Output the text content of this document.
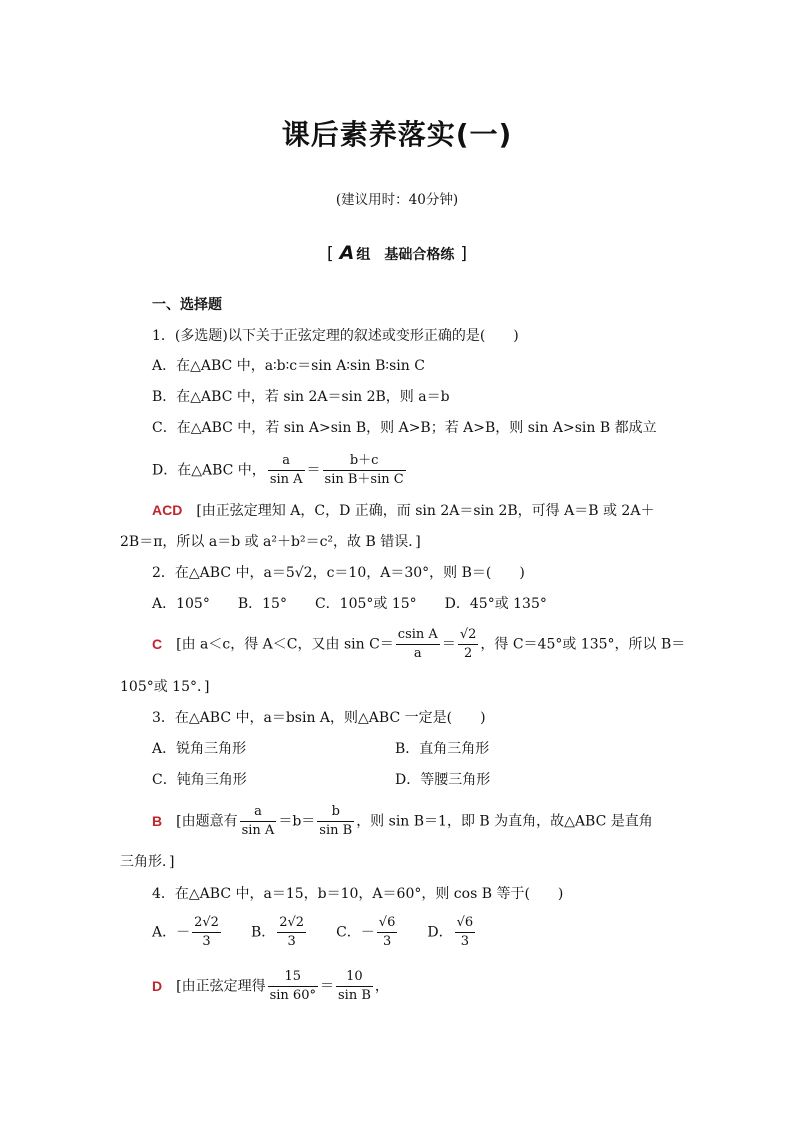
课后素养落实(一)
(建议用时：40分钟)
[ A 组　基础合格练 ]
一、选择题
1．(多选题)以下关于正弦定理的叙述或变形正确的是(　　)
A．在△ABC 中，a∶b∶c＝sin A∶sin B∶sin C
B．在△ABC 中，若 sin 2A＝sin 2B，则 a＝b
C．在△ABC 中，若 sin A>sin B，则 A>B；若 A>B，则 sin A>sin B 都成立
D．在△ABC 中， $\frac{a}{\text{sin A}} = \frac{b+c}{\text{sin B＋sin C}}$
ACD [由正弦定理知 A，C，D 正确，而 sin 2A＝sin 2B，可得 A＝B 或 2A＋
2B＝π，所以 a＝b 或 a²＋b²＝c²，故 B 错误．]
2．在△ABC 中，a＝5√2，c＝10，A＝30°，则 B＝(　　)
A．105° B．15° C．105°或 15° D．45°或 135°
C [由 a＜c，得 A＜C，又由 $\sin C= \frac{\text{csin A}}{a} = \frac{√2}{2}$ ，得 C＝45°或 135°，所以 B＝
105°或 15°．]
3．在△ABC 中，a＝bsin A，则△ABC 一定是(　　)
A．锐角三角形	B．直角三角形
C．钝角三角形	D．等腰三角形
B [由题意有 $\frac{a}{\text{sin A}} =b= \frac{b}{\text{sin B}}$ ，则 sin B＝1，即 B 为直角，故△ABC 是直角
三角形．]
4．在△ABC 中，a＝15，b＝10，A＝60°，则 cos B 等于(　　)
A．－ $\frac{2√2}{3}$ B． $\frac{2√2}{3}$ C．－ $\frac{√6}{3}$ D． $\frac{√6}{3}$
D [由正弦定理得 $\frac{15}{\sin 60^\circ} = \frac{10}{\text{sin B}}$ ，
